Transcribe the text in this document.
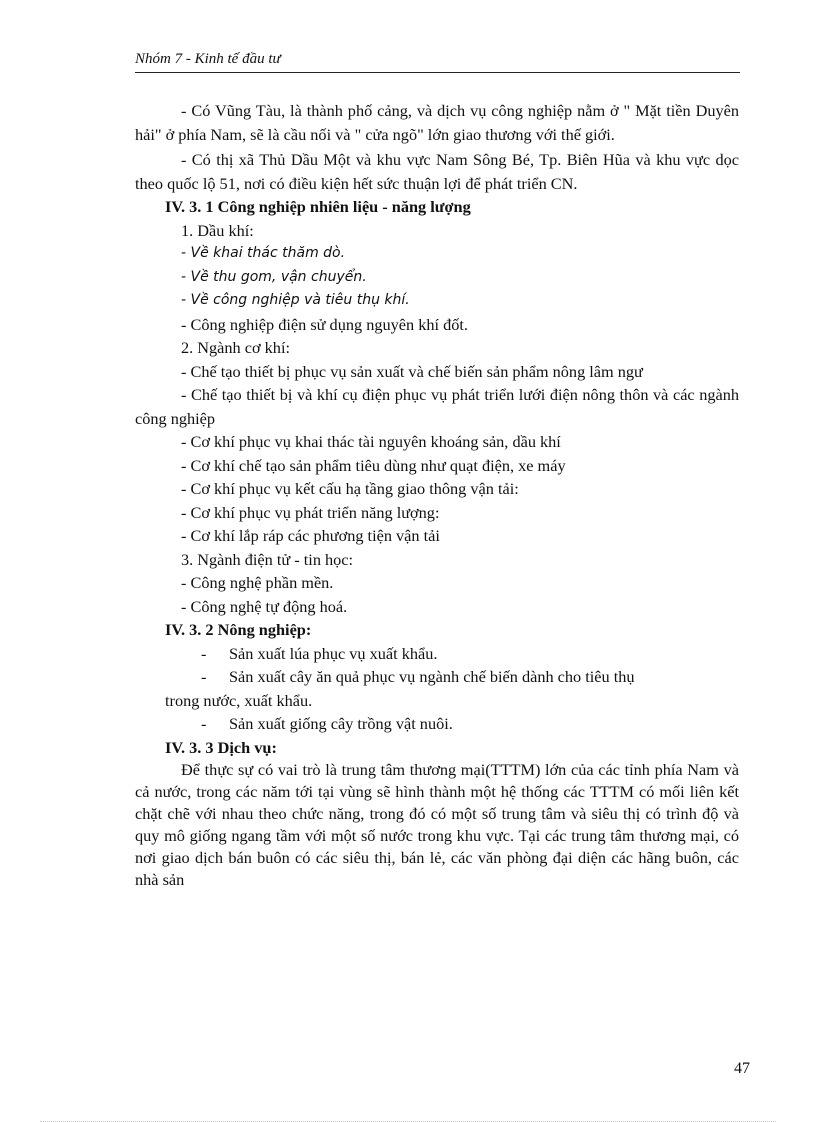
Nhóm 7 - Kinh tế đầu tư

- Có Vũng Tàu, là thành phố cảng, và dịch vụ công nghiệp nằm ở " Mặt tiền Duyên hải" ở phía Nam, sẽ là cầu nối và " cửa ngõ" lớn giao thương với thế giới.

- Có thị xã Thủ Dầu Một và khu vực Nam Sông Bé, Tp. Biên Hũa và khu vực dọc theo quốc lộ 51, nơi có điều kiện hết sức thuận lợi để phát triển CN.

IV. 3. 1 Công nghiệp nhiên liệu - năng lượng

1. Dầu khí:

- Về khai thác thăm dò.

- Về thu gom, vận chuyển.

- Về công nghiệp và tiêu thụ khí.

- Công nghiệp điện sử dụng nguyên khí đốt.

2. Ngành cơ khí:

- Chế tạo thiết bị phục vụ sản xuất và chế biến sản phẩm nông lâm ngư

- Chế tạo thiết bị và khí cụ điện phục vụ phát triển lưới điện nông thôn và các ngành công nghiệp

- Cơ khí phục vụ khai thác tài nguyên khoáng sản, dầu khí

- Cơ khí chế tạo sản phẩm tiêu dùng như quạt điện, xe máy

- Cơ khí phục vụ kết cấu hạ tầng giao thông vận tải:

- Cơ khí phục vụ phát triển năng lượng:

- Cơ khí lắp ráp các phương tiện vận tải

3. Ngành điện tử - tin học:

- Công nghệ phần mền.

- Công nghệ tự động hoá.

IV. 3. 2 Nông nghiệp:

-	Sản xuất lúa phục vụ xuất khẩu.
-	Sản xuất cây ăn quả phục vụ ngành chế biến dành cho tiêu thụ

trong nước, xuất khẩu.

-	Sản xuất giống cây trồng vật nuôi.

IV. 3. 3 Dịch vụ:

Để thực sự có vai trò là trung tâm thương mại(TTTM) lớn của các tỉnh phía Nam và cả nước, trong các năm tới tại vùng sẽ hình thành một hệ thống các TTTM có mối liên kết chặt chẽ với nhau theo chức năng, trong đó có một số trung tâm và siêu thị có trình độ và quy mô giống ngang tầm với một số nước trong khu vực. Tại các trung tâm thương mại, có nơi giao dịch bán buôn có các siêu thị, bán lẻ, các văn phòng đại diện các hãng buôn, các nhà sản

47
